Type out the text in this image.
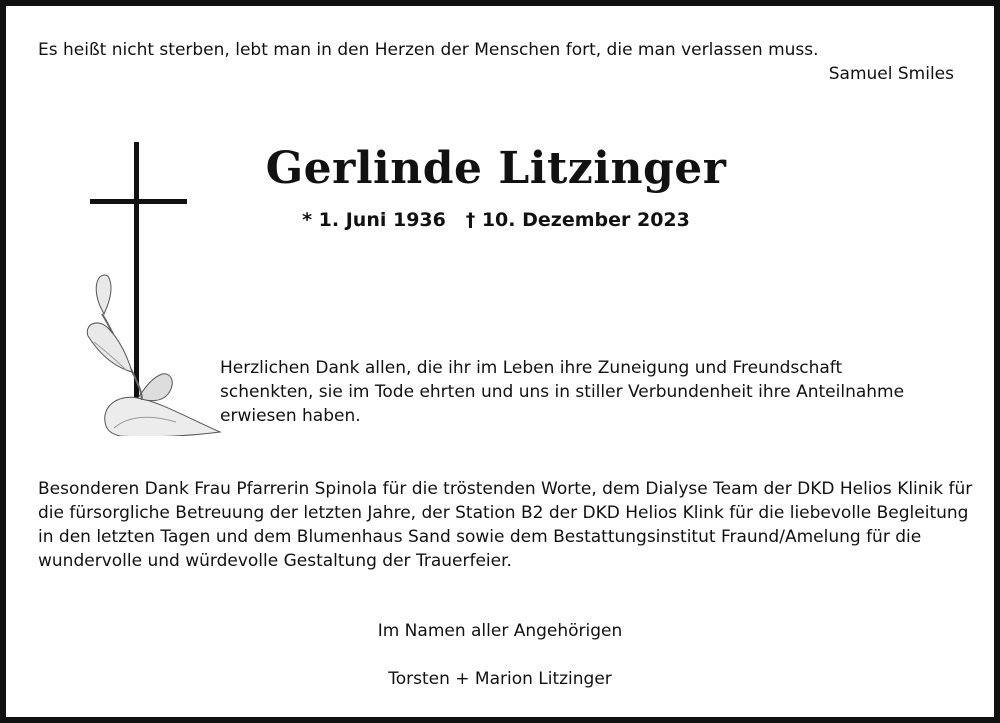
Es heißt nicht sterben, lebt man in den Herzen der Menschen fort, die man verlassen muss.
Samuel Smiles
Gerlinde Litzinger
* 1. Juni 1936 † 10. Dezember 2023
Herzlichen Dank allen, die ihr im Leben ihre Zuneigung und Freundschaft schenkten, sie im Tode ehrten und uns in stiller Verbundenheit ihre Anteilnahme erwiesen haben.
Besonderen Dank Frau Pfarrerin Spinola für die tröstenden Worte, dem Dialyse Team der DKD Helios Klinik für die fürsorgliche Betreuung der letzten Jahre, der Station B2 der DKD Helios Klink für die liebevolle Begleitung in den letzten Tagen und dem Blumenhaus Sand sowie dem Bestattungsinstitut Fraund/Amelung für die wundervolle und würdevolle Gestaltung der Trauerfeier.
Im Namen aller Angehörigen
Torsten + Marion Litzinger
